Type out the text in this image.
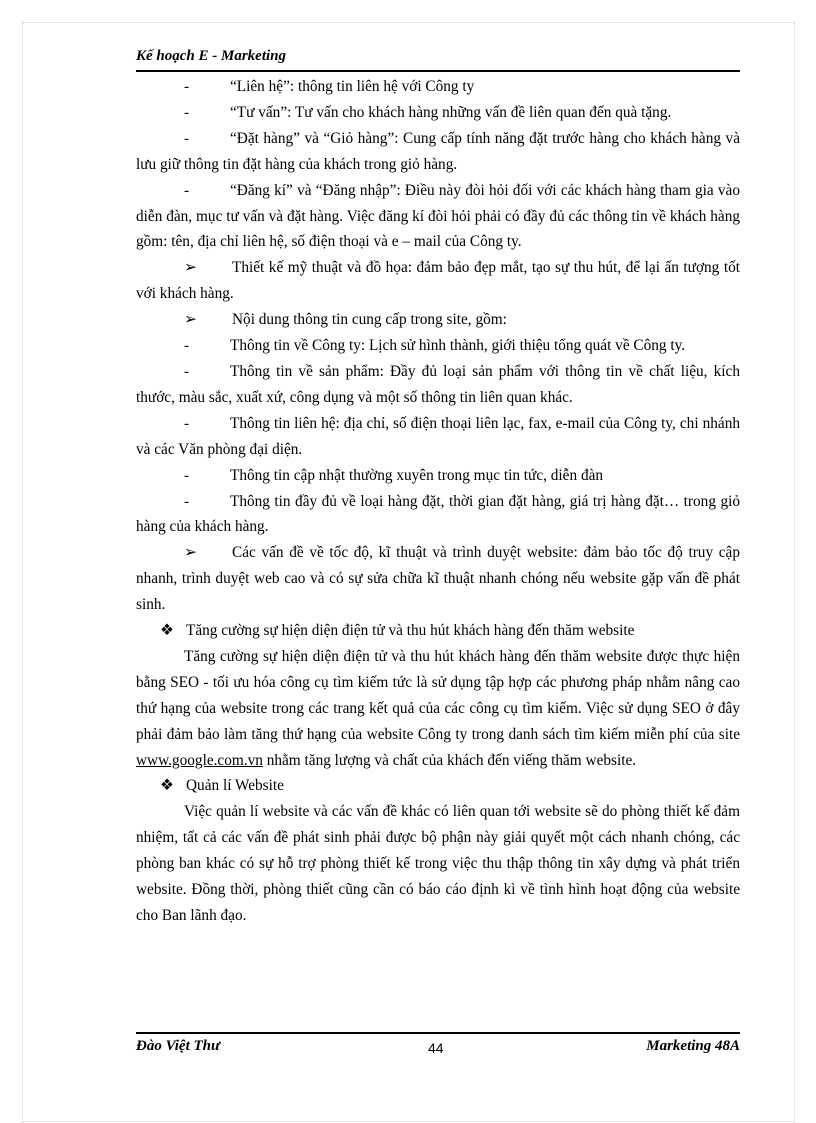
Kế hoạch E - Marketing

-	“Liên hệ”: thông tin liên hệ với Công ty

-	“Tư vấn”: Tư vấn cho khách hàng những vấn đề liên quan đến quà tặng.

-	“Đặt hàng” và “Giỏ hàng”: Cung cấp tính năng đặt trước hàng cho khách hàng và lưu giữ thông tin đặt hàng của khách trong giỏ hàng.

-	“Đăng kí” và “Đăng nhập”: Điều này đòi hỏi đối với các khách hàng tham gia vào diễn đàn, mục tư vấn và đặt hàng. Việc đăng kí đòi hỏi phải có đầy đủ các thông tin về khách hàng gồm: tên, địa chỉ liên hệ, số điện thoại và e – mail của Công ty.

➢ Thiết kế mỹ thuật và đồ họa: đảm bảo đẹp mắt, tạo sự thu hút, để lại ấn tượng tốt với khách hàng.

➢ Nội dung thông tin cung cấp trong site, gồm:

-	Thông tin về Công ty: Lịch sử hình thành, giới thiệu tổng quát về Công ty.

-	Thông tin về sản phẩm: Đầy đủ loại sản phẩm với thông tin về chất liệu, kích thước, màu sắc, xuất xứ, công dụng và một số thông tin liên quan khác.

-	Thông tin liên hệ: địa chỉ, số điện thoại liên lạc, fax, e-mail của Công ty, chi nhánh và các Văn phòng đại diện.

-	Thông tin cập nhật thường xuyên trong mục tin tức, diễn đàn

-	Thông tin đầy đủ về loại hàng đặt, thời gian đặt hàng, giá trị hàng đặt… trong giỏ hàng của khách hàng.

➢ Các vấn đề về tốc độ, kĩ thuật và trình duyệt website: đảm bảo tốc độ truy cập nhanh, trình duyệt web cao và có sự sửa chữa kĩ thuật nhanh chóng nếu website gặp vấn đề phát sinh.

❖ Tăng cường sự hiện diện điện tử và thu hút khách hàng đến thăm website

Tăng cường sự hiện diện điện tử và thu hút khách hàng đến thăm website được thực hiện bằng SEO - tối ưu hóa công cụ tìm kiếm tức là sử dụng tập hợp các phương pháp nhằm nâng cao thứ hạng của website trong các trang kết quả của các công cụ tìm kiếm. Việc sử dụng SEO ở đây phải đảm bảo làm tăng thứ hạng của website Công ty trong danh sách tìm kiếm miễn phí của site www.google.com.vn nhằm tăng lượng và chất của khách đến viếng thăm website.

❖ Quản lí Website

Việc quản lí website và các vấn đề khác có liên quan tới website sẽ do phòng thiết kế đảm nhiệm, tất cả các vấn đề phát sinh phải được bộ phận này giải quyết một cách nhanh chóng, các phòng ban khác có sự hỗ trợ phòng thiết kế trong việc thu thập thông tin xây dựng và phát triển website. Đồng thời, phòng thiết cũng cần có báo cáo định kì về tình hình hoạt động của website cho Ban lãnh đạo.

Đào Việt Thư	44	Marketing 48A
